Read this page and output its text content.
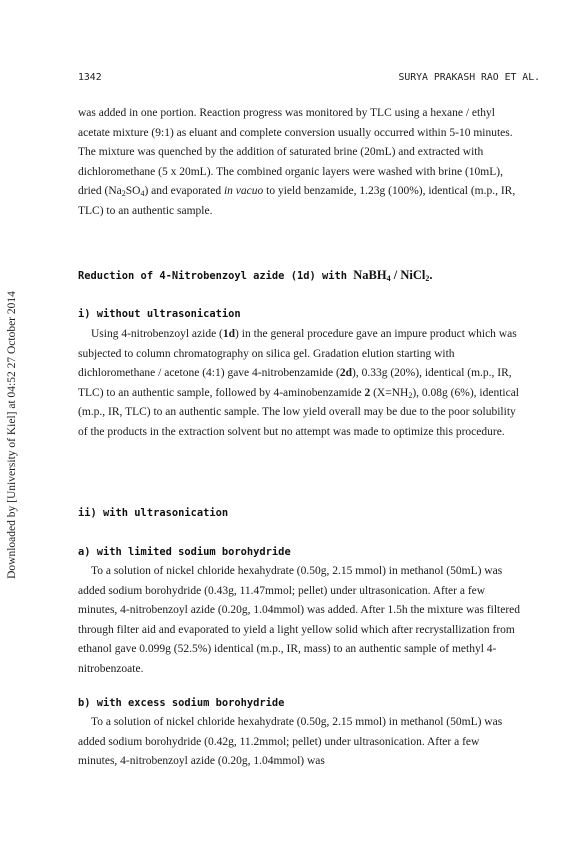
Downloaded by [University of Kiel] at 04:52 27 October 2014
1342	SURYA PRAKASH RAO ET AL.

was added in one portion. Reaction progress was monitored by TLC using a hexane / ethyl acetate mixture (9:1) as eluant and complete conversion usually occurred within 5-10 minutes. The mixture was quenched by the addition of saturated brine (20mL) and extracted with dichloromethane (5 x 20mL). The combined organic layers were washed with brine (10mL), dried $(Na_2SO_4)$ and evaporated in vacuo to yield benzamide, 1.23g (100%), identical (m.p., IR, TLC) to an authentic sample.

Reduction of 4-Nitrobenzoyl azide (1d) with NaBH$_4$ / NiCl$_2$.
i) without ultrasonication

Using 4-nitrobenzoyl azide (1d) in the general procedure gave an impure product which was subjected to column chromatography on silica gel. Gradation elution starting with dichloromethane / acetone (4:1) gave 4-nitrobenzamide (2d), 0.33g (20%), identical (m.p., IR, TLC) to an authentic sample, followed by 4-aminobenzamide 2 $(X=NH_2)$, 0.08g (6%), identical (m.p., IR, TLC) to an authentic sample. The low yield overall may be due to the poor solubility of the products in the extraction solvent but no attempt was made to optimize this procedure.

ii) with ultrasonication
a) with limited sodium borohydride

To a solution of nickel chloride hexahydrate (0.50g, 2.15 mmol) in methanol (50mL) was added sodium borohydride (0.43g, 11.47mmol; pellet) under ultrasonication. After a few minutes, 4-nitrobenzoyl azide (0.20g, 1.04mmol) was added. After 1.5h the mixture was filtered through filter aid and evaporated to yield a light yellow solid which after recrystallization from ethanol gave 0.099g (52.5%) identical (m.p., IR, mass) to an authentic sample of methyl 4-nitrobenzoate.

b) with excess sodium borohydride

To a solution of nickel chloride hexahydrate (0.50g, 2.15 mmol) in methanol (50mL) was added sodium borohydride (0.42g, 11.2mmol; pellet) under ultrasonication. After a few minutes, 4-nitrobenzoyl azide (0.20g, 1.04mmol) was
